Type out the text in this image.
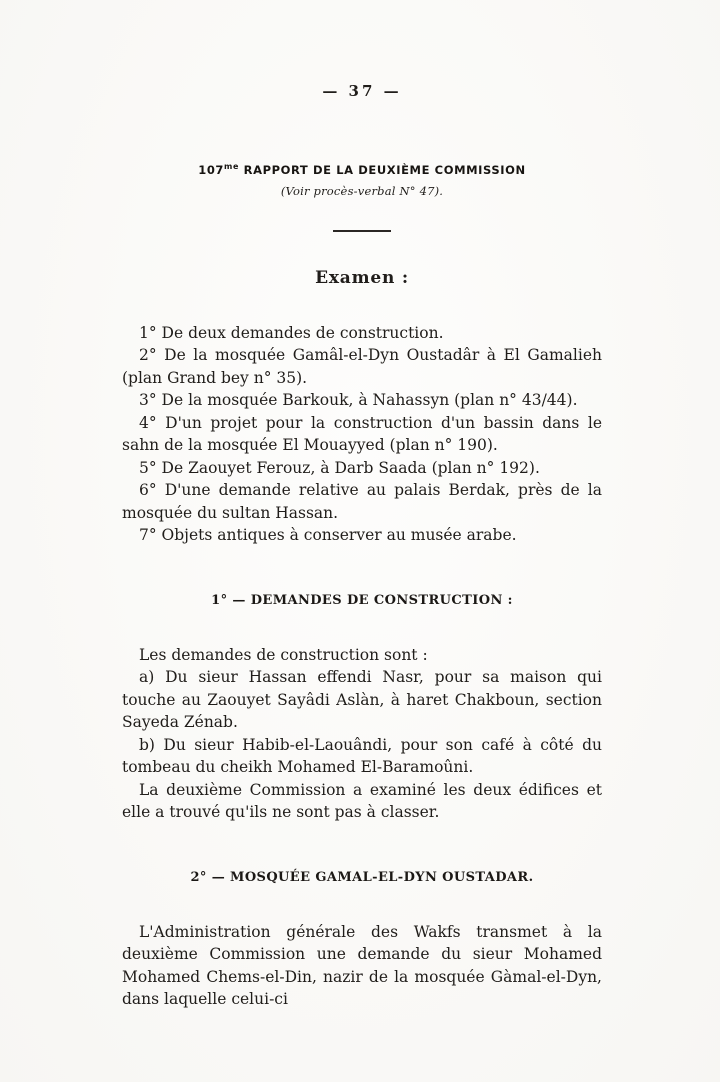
— 37 —
$107^{me}$ RAPPORT DE LA DEUXIÈME COMMISSION
(Voir procès-verbal N° 47).
Examen :

1° De deux demandes de construction.

2° De la mosquée Gamâl-el-Dyn Oustadâr à El Gamalieh (plan Grand bey n° 35).

3° De la mosquée Barkouk, à Nahassyn (plan n° 43/44).

4° D'un projet pour la construction d'un bassin dans le sahn de la mosquée El Mouayyed (plan n° 190).

5° De Zaouyet Ferouz, à Darb Saada (plan n° 192).

6° D'une demande relative au palais Berdak, près de la mosquée du sultan Hassan.

7° Objets antiques à conserver au musée arabe.

1° — DEMANDES DE CONSTRUCTION :

Les demandes de construction sont :

a) Du sieur Hassan effendi Nasr, pour sa maison qui touche au Zaouyet Sayâdi Aslàn, à haret Chakboun, section Sayeda Zénab.

b) Du sieur Habib-el-Laouândi, pour son café à côté du tombeau du cheikh Mohamed El-Baramoûni.

La deuxième Commission a examiné les deux édifices et elle a trouvé qu'ils ne sont pas à classer.

2° — MOSQUÉE GAMAL-EL-DYN OUSTADAR.

L'Administration générale des Wakfs transmet à la deuxième Commission une demande du sieur Mohamed Mohamed Chems-el-Din, nazir de la mosquée Gàmal-el-Dyn, dans laquelle celui-ci
